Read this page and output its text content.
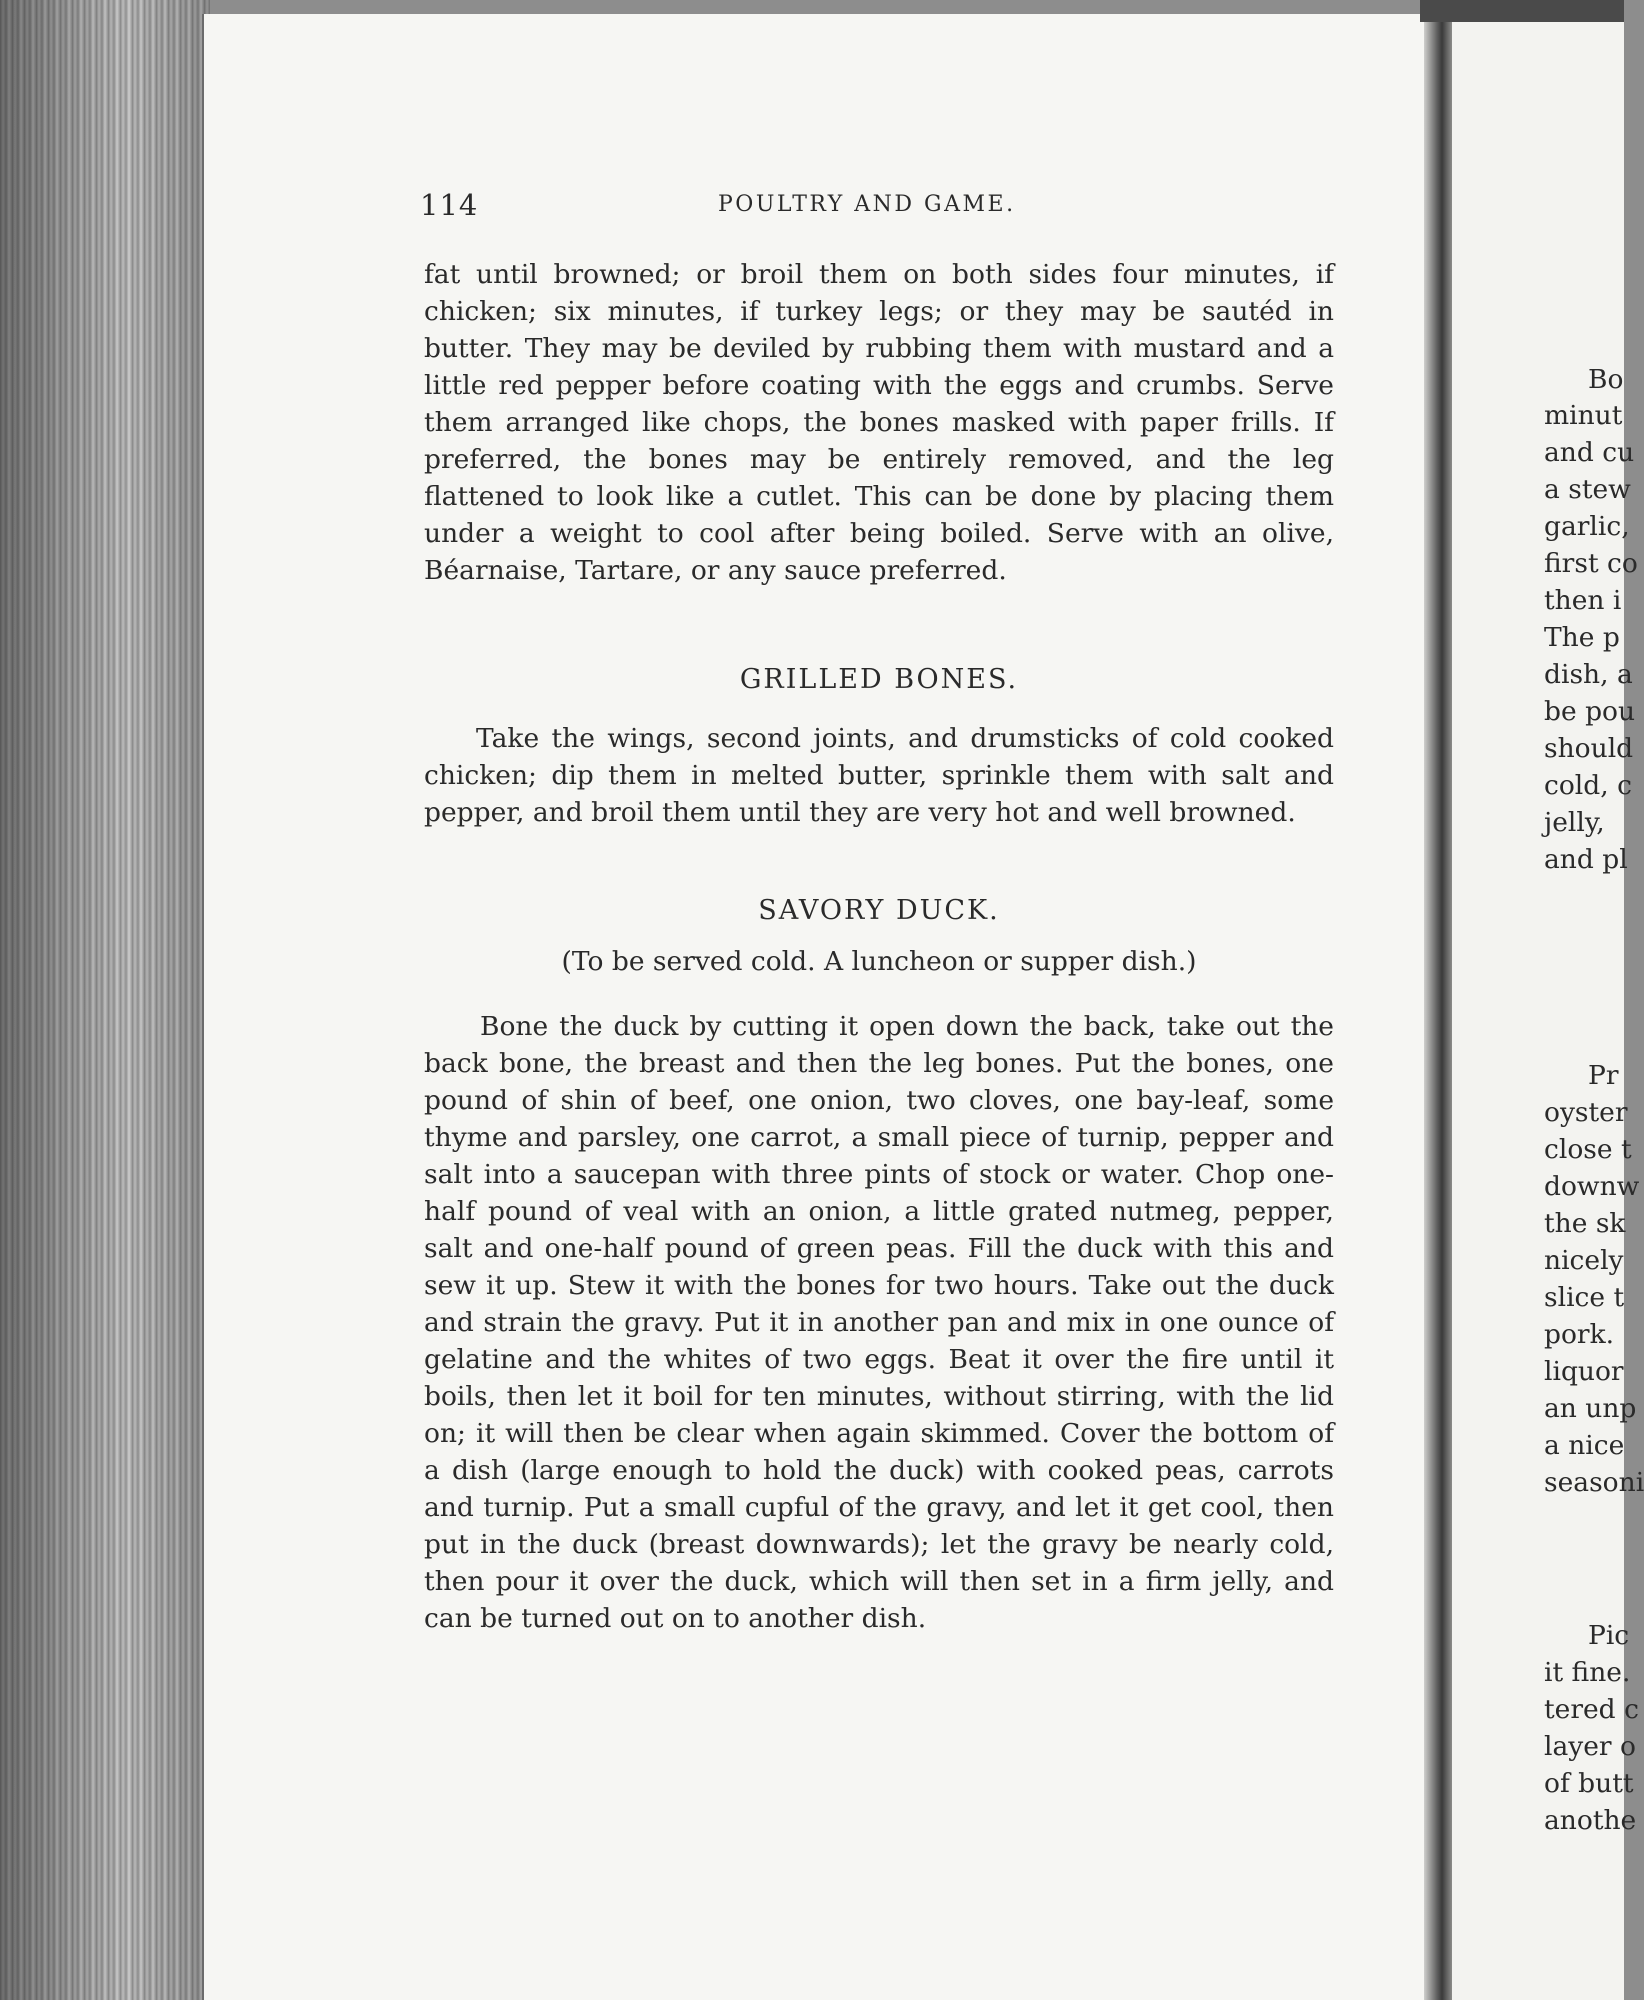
114	POULTRY AND GAME.

fat until browned; or broil them on both sides four minutes, if chicken; six minutes, if turkey legs; or they may be sautéd in butter. They may be deviled by rubbing them with mustard and a little red pepper before coating with the eggs and crumbs. Serve them arranged like chops, the bones masked with paper frills. If preferred, the bones may be entirely removed, and the leg flattened to look like a cutlet. This can be done by placing them under a weight to cool after being boiled. Serve with an olive, Béarnaise, Tartare, or any sauce preferred.

GRILLED BONES.

Take the wings, second joints, and drumsticks of cold cooked chicken; dip them in melted butter, sprinkle them with salt and pepper, and broil them until they are very hot and well browned.

SAVORY DUCK.
(To be served cold. A luncheon or supper dish.)

Bone the duck by cutting it open down the back, take out the back bone, the breast and then the leg bones. Put the bones, one pound of shin of beef, one onion, two cloves, one bay-leaf, some thyme and parsley, one carrot, a small piece of turnip, pepper and salt into a saucepan with three pints of stock or water. Chop one-half pound of veal with an onion, a little grated nutmeg, pepper, salt and one-half pound of green peas. Fill the duck with this and sew it up. Stew it with the bones for two hours. Take out the duck and strain the gravy. Put it in another pan and mix in one ounce of gelatine and the whites of two eggs. Beat it over the fire until it boils, then let it boil for ten minutes, without stirring, with the lid on; it will then be clear when again skimmed. Cover the bottom of a dish (large enough to hold the duck) with cooked peas, carrots and turnip. Put a small cupful of the gravy, and let it get cool, then put in the duck (breast downwards); let the gravy be nearly cold, then pour it over the duck, which will then set in a firm jelly, and can be turned out on to another dish.

Bo
minut
and cu
a stew
garlic,
first co
then i
The p
dish, a
be pou
should
cold, c
jelly,
and pl
Pr
oyster
close t
downw
the sk
nicely
slice t
pork.
liquor
an unp
a nice
seasoni
Pic
it fine.
tered c
layer o
of butt
anothe
